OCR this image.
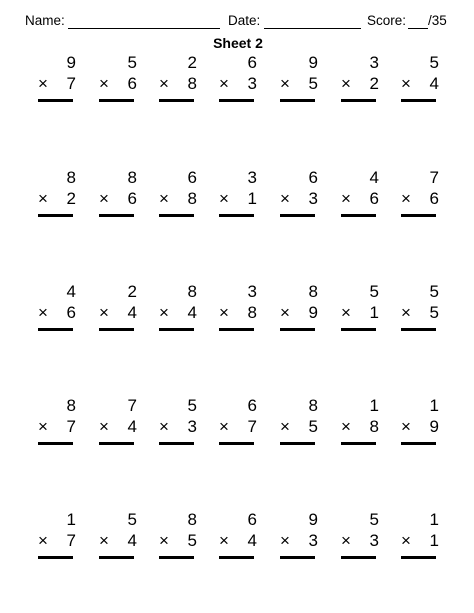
Name:	Date:	Score: /35
Sheet 2
9
× 7
5
× 6
2
× 8
6
× 3
9
× 5
3
× 2
5
× 4
8
× 2
8
× 6
6
× 8
3
× 1
6
× 3
4
× 6
7
× 6
4
× 6
2
× 4
8
× 4
3
× 8
8
× 9
5
× 1
5
× 5
8
× 7
7
× 4
5
× 3
6
× 7
8
× 5
1
× 8
1
× 9
1
× 7
5
× 4
8
× 5
6
× 4
9
× 3
5
× 3
1
× 1
